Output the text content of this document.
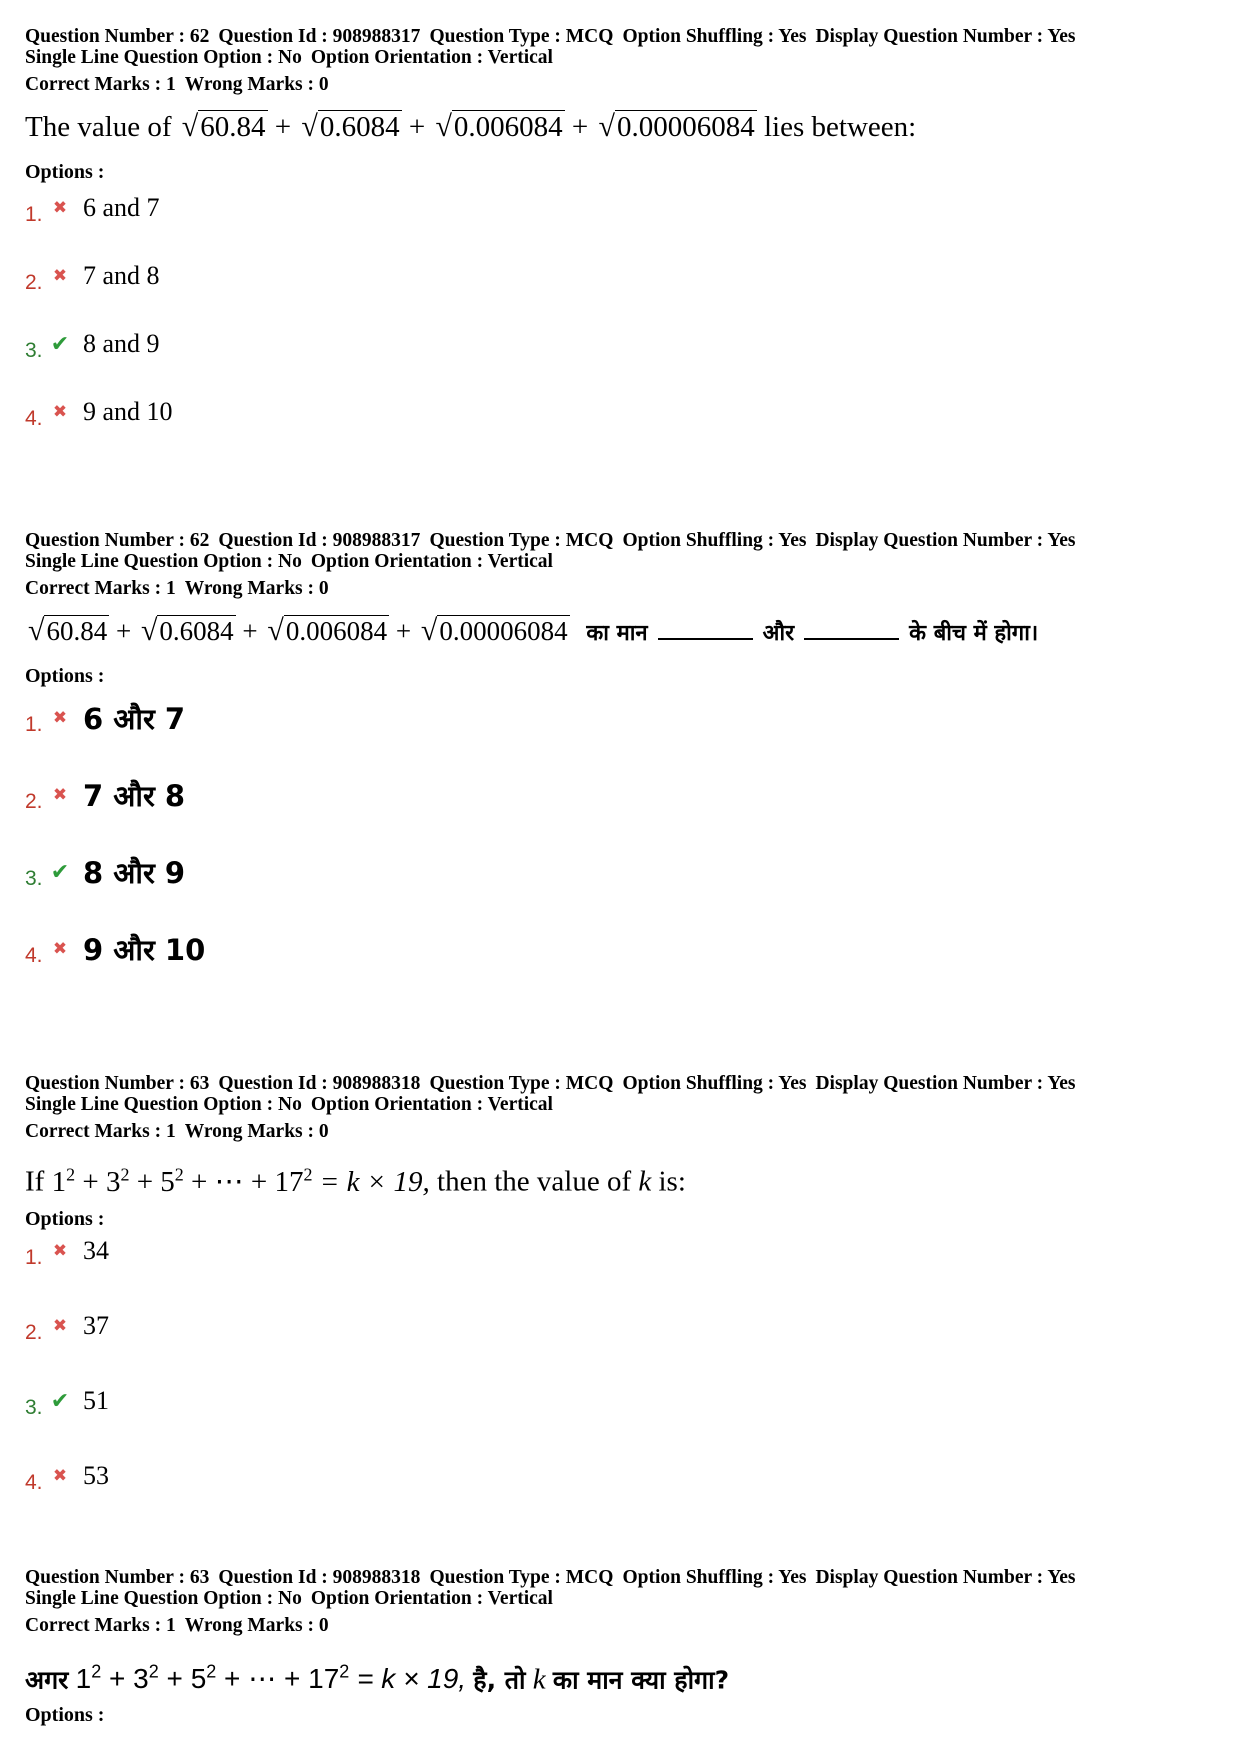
Question Number : 62 Question Id : 908988317 Question Type : MCQ Option Shuffling : Yes Display Question Number : Yes
Single Line Question Option : No Option Orientation : Vertical
Correct Marks : 1 Wrong Marks : 0
The value of √60.84 + √0.6084 + √0.006084 + √0.00006084 lies between:
Options :
1. ✖ 6 and 7
2. ✖ 7 and 8
3. ✔ 8 and 9
4. ✖ 9 and 10
Question Number : 62 Question Id : 908988317 Question Type : MCQ Option Shuffling : Yes Display Question Number : Yes
Single Line Question Option : No Option Orientation : Vertical
Correct Marks : 1 Wrong Marks : 0
√60.84 + √0.6084 + √0.006084 + √0.00006084 का मान	और	के बीच में होगा।
Options :
1. ✖ 6 और 7
2. ✖ 7 और 8
3. ✔ 8 और 9
4. ✖ 9 और 10
Question Number : 63 Question Id : 908988318 Question Type : MCQ Option Shuffling : Yes Display Question Number : Yes
Single Line Question Option : No Option Orientation : Vertical
Correct Marks : 1 Wrong Marks : 0
If $1^2 + 3^2 + 5^2$ + ⋯ + $17^2 = k \times 19$, then the value of k is:
Options :
1. ✖ 34
2. ✖ 37
3. ✔ 51
4. ✖ 53
Question Number : 63 Question Id : 908988318 Question Type : MCQ Option Shuffling : Yes Display Question Number : Yes
Single Line Question Option : No Option Orientation : Vertical
Correct Marks : 1 Wrong Marks : 0
अगर $1^2 + 3^2 + 5^2$ + ⋯ + $17^2 = k \times 19$, है, तो k का मान क्या होगा?
Options :
